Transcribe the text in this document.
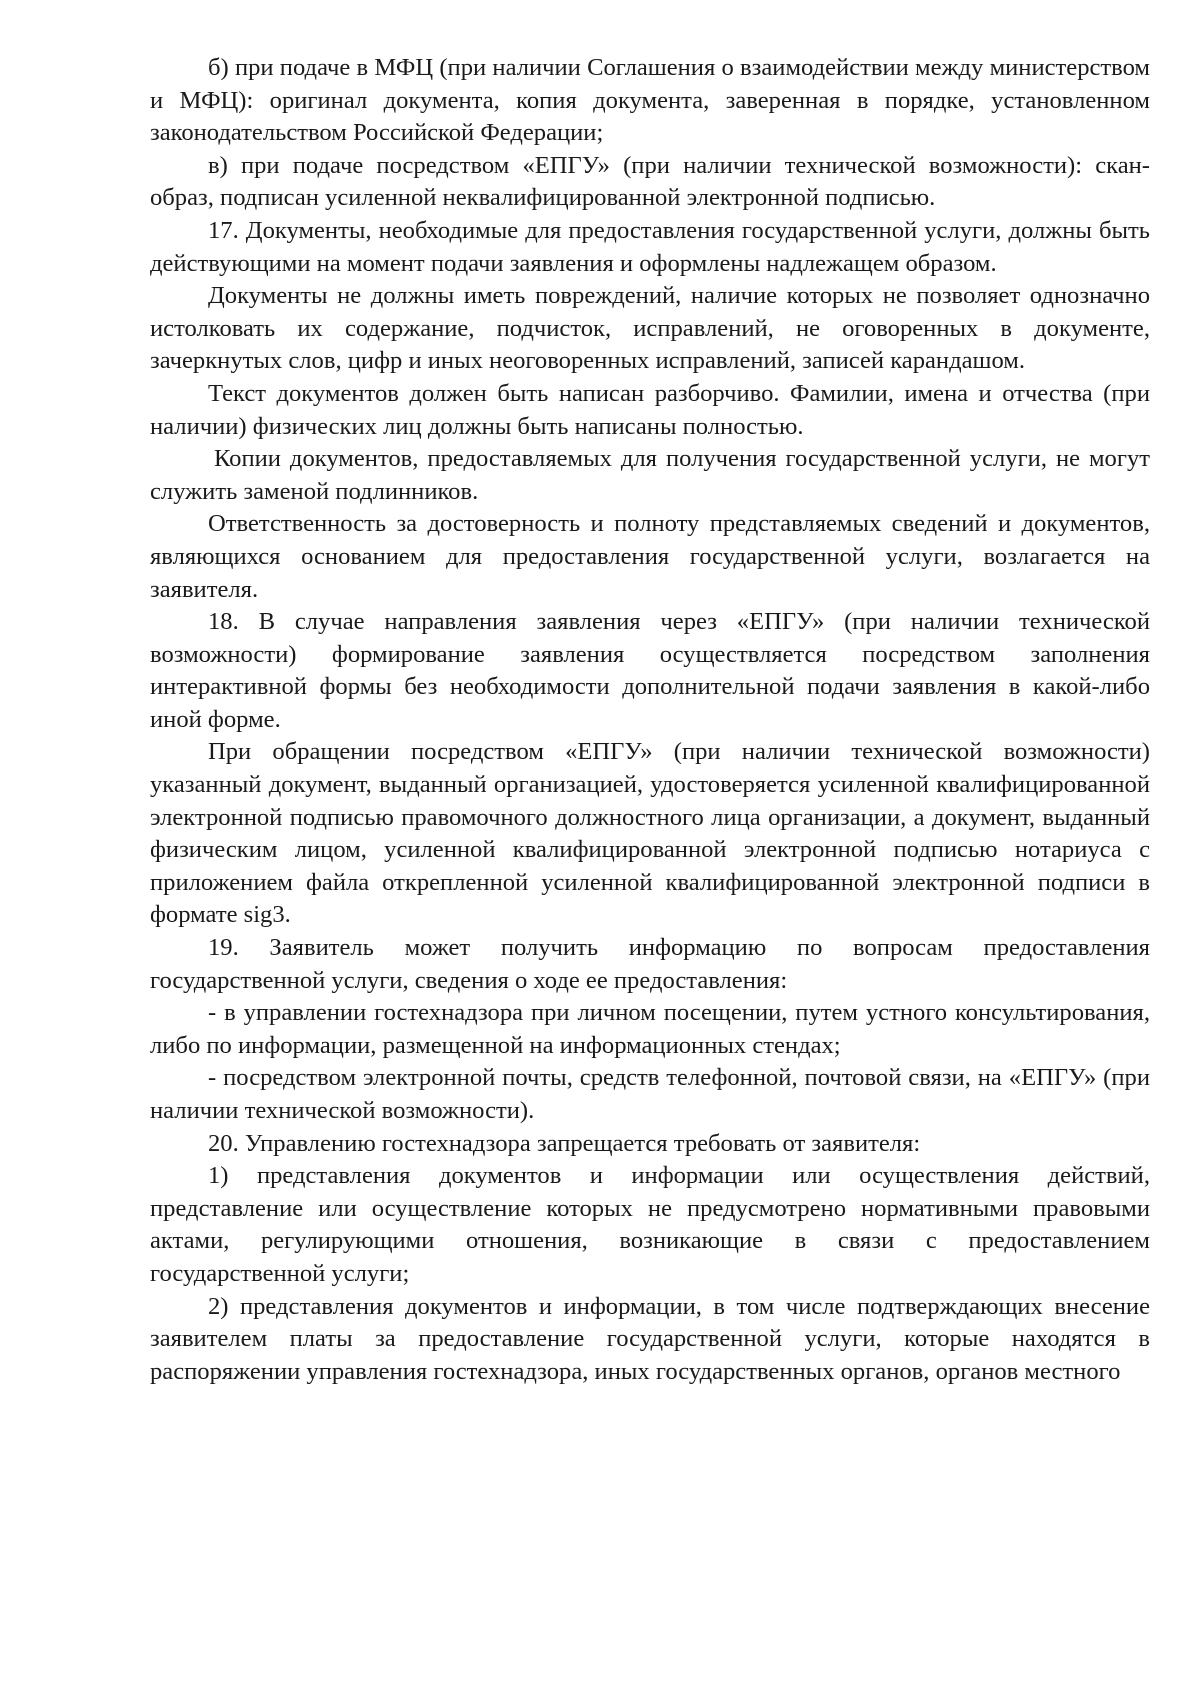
б) при подаче в МФЦ (при наличии Соглашения о взаимодействии между министерством и МФЦ): оригинал документа, копия документа, заверенная в порядке, установленном законодательством Российской Федерации;

в) при подаче посредством «ЕПГУ» (при наличии технической возможности): скан-образ, подписан усиленной неквалифицированной электронной подписью.

17. Документы, необходимые для предоставления государственной услуги, должны быть действующими на момент подачи заявления и оформлены надлежащем образом.

Документы не должны иметь повреждений, наличие которых не позволяет однозначно истолковать их содержание, подчисток, исправлений, не оговоренных в документе, зачеркнутых слов, цифр и иных неоговоренных исправлений, записей карандашом.

Текст документов должен быть написан разборчиво. Фамилии, имена и отчества (при наличии) физических лиц должны быть написаны полностью.

Копии документов, предоставляемых для получения государственной услуги, не могут служить заменой подлинников.

Ответственность за достоверность и полноту представляемых сведений и документов, являющихся основанием для предоставления государственной услуги, возлагается на заявителя.

18. В случае направления заявления через «ЕПГУ» (при наличии технической возможности) формирование заявления осуществляется посредством заполнения интерактивной формы без необходимости дополнительной подачи заявления в какой-либо иной форме.

При обращении посредством «ЕПГУ» (при наличии технической возможности) указанный документ, выданный организацией, удостоверяется усиленной квалифицированной электронной подписью правомочного должностного лица организации, а документ, выданный физическим лицом, усиленной квалифицированной электронной подписью нотариуса с приложением файла открепленной усиленной квалифицированной электронной подписи в формате sig3.

19. Заявитель может получить информацию по вопросам предоставления государственной услуги, сведения о ходе ее предоставления:

- в управлении гостехнадзора при личном посещении, путем устного консультирования, либо по информации, размещенной на информационных стендах;

- посредством электронной почты, средств телефонной, почтовой связи, на «ЕПГУ» (при наличии технической возможности).

20. Управлению гостехнадзора запрещается требовать от заявителя:

1) представления документов и информации или осуществления действий, представление или осуществление которых не предусмотрено нормативными правовыми актами, регулирующими отношения, возникающие в связи с предоставлением государственной услуги;

2) представления документов и информации, в том числе подтверждающих внесение заявителем платы за предоставление государственной услуги, которые находятся в распоряжении управления гостехнадзора, иных государственных органов, органов местного
